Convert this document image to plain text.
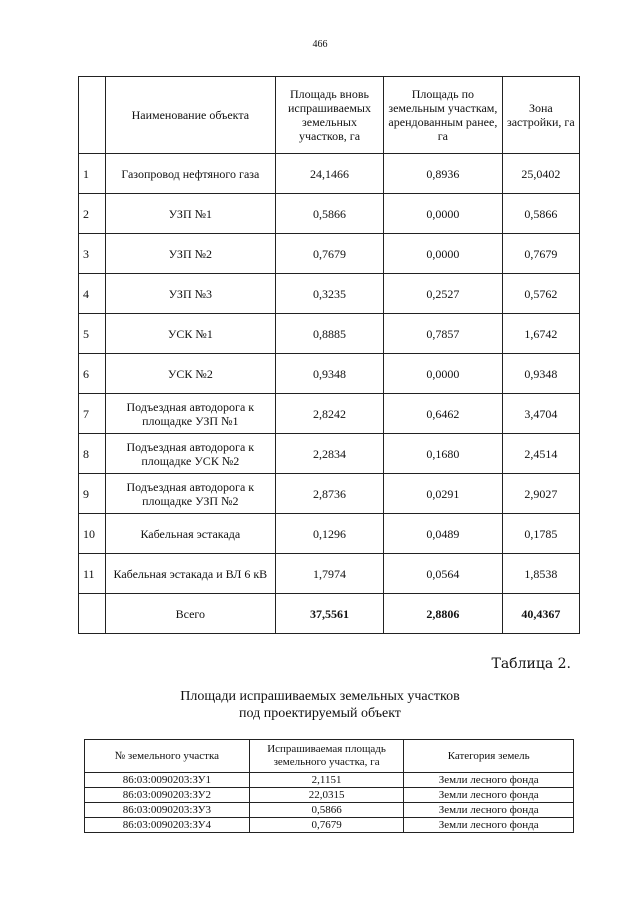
466
	Наименование объекта	Площадь вновь испрашиваемых земельных участков, га	Площадь по земельным участкам, арендованным ранее, га	Зона застройки, га
1	Газопровод нефтяного газа	24,1466	0,8936	25,0402
2	УЗП №1	0,5866	0,0000	0,5866
3	УЗП №2	0,7679	0,0000	0,7679
4	УЗП №3	0,3235	0,2527	0,5762
5	УСК №1	0,8885	0,7857	1,6742
6	УСК №2	0,9348	0,0000	0,9348
7	Подъездная автодорога к площадке УЗП №1	2,8242	0,6462	3,4704
8	Подъездная автодорога к площадке УСК №2	2,2834	0,1680	2,4514
9	Подъездная автодорога к площадке УЗП №2	2,8736	0,0291	2,9027
10	Кабельная эстакада	0,1296	0,0489	0,1785
11	Кабельная эстакада и ВЛ 6 кВ	1,7974	0,0564	1,8538
	Всего	37,5561	2,8806	40,4367
Таблица 2.
Площади испрашиваемых земельных участков
под проектируемый объект
№ земельного участка	Испрашиваемая площадь земельного участка, га	Категория земель
86:03:0090203:ЗУ1	2,1151	Земли лесного фонда
86:03:0090203:ЗУ2	22,0315	Земли лесного фонда
86:03:0090203:ЗУ3	0,5866	Земли лесного фонда
86:03:0090203:ЗУ4	0,7679	Земли лесного фонда
